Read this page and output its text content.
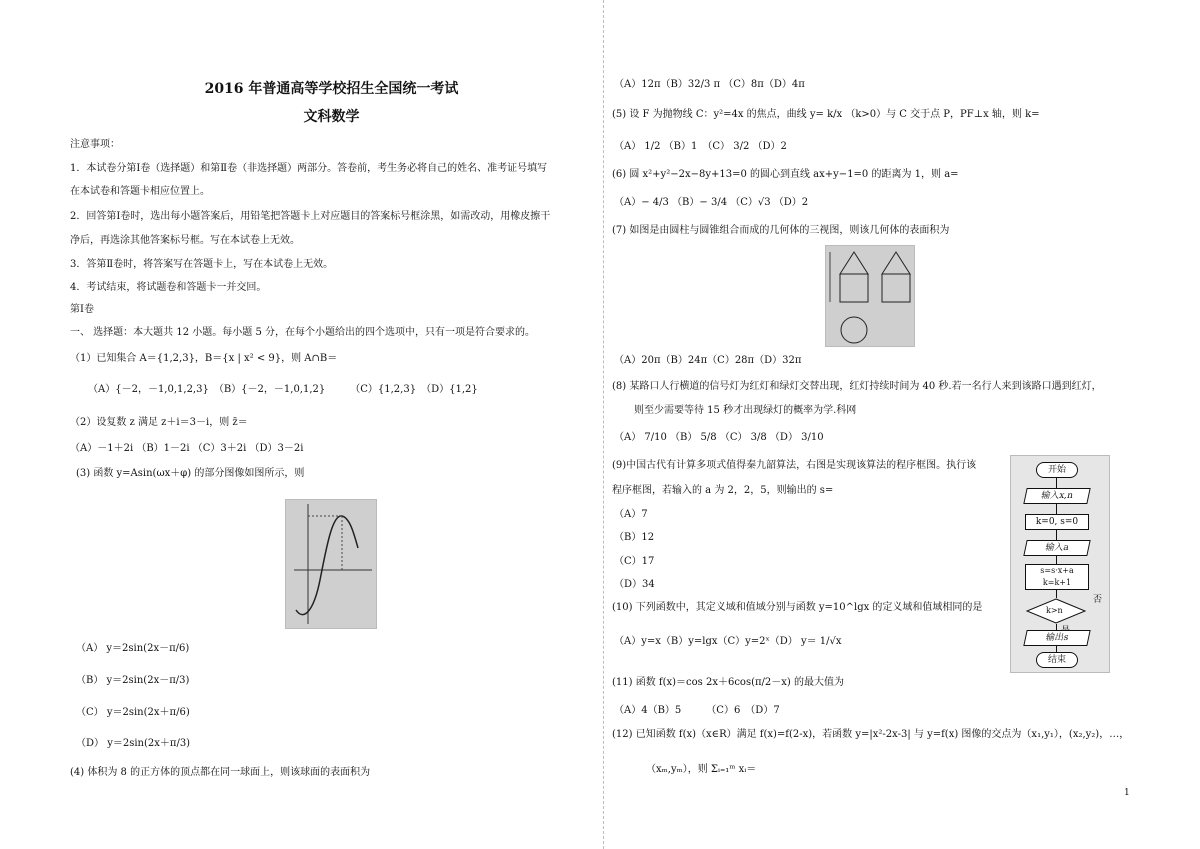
2016 年普通高等学校招生全国统一考试
文科数学
注意事项：
1．本试卷分第Ⅰ卷（选择题）和第Ⅱ卷（非选择题）两部分。答卷前，考生务必将自己的姓名、准考证号填写
在本试卷和答题卡相应位置上。
2．回答第Ⅰ卷时，选出每小题答案后，用铅笔把答题卡上对应题目的答案标号框涂黑，如需改动，用橡皮擦干
净后，再选涂其他答案标号框。写在本试卷上无效。
3．答第Ⅱ卷时，将答案写在答题卡上，写在本试卷上无效。
4．考试结束，将试题卷和答题卡一并交回。
第Ⅰ卷
一、 选择题：本大题共 12 小题。每小题 5 分，在每个小题给出的四个选项中，只有一项是符合要求的。
（1）已知集合 A＝{1,2,3}，B＝{x | x² < 9}，则 A∩B＝
（A）{－2，－1,0,1,2,3}　（B）{－2，－1,0,1,2}　　　（C）{1,2,3}　（D）{1,2}
（2）设复数 z 满足 z＋i＝3－i，则 z̄＝
（A）－1＋2i （B）1－2i （C）3＋2i （D）3－2i
(3) 函数 y=Asin(ωx＋φ) 的部分图像如图所示，则
（A） y＝2sin(2x－π/6)
（B） y＝2sin(2x－π/3)
（C） y＝2sin(2x＋π/6)
（D） y＝2sin(2x＋π/3)
(4) 体积为 8 的正方体的顶点都在同一球面上，则该球面的表面积为
（A）12π（B）32/3 π （C）8π（D）4π
(5) 设 F 为抛物线 C：y²=4x 的焦点，曲线 y= k/x （k>0）与 C 交于点 P，PF⊥x 轴，则 k=
（A） 1/2 （B）1　（C） 3/2 （D）2
(6) 圆 x²+y²−2x−8y+13=0 的圆心到直线 ax+y−1=0 的距离为 1，则 a=
（A）− 4/3 （B）− 3/4 （C）√3 （D）2
(7) 如图是由圆柱与圆锥组合而成的几何体的三视图，则该几何体的表面积为
（A）20π（B）24π（C）28π（D）32π
(8) 某路口人行横道的信号灯为红灯和绿灯交替出现，红灯持续时间为 40 秒.若一名行人来到该路口遇到红灯，
则至少需要等待 15 秒才出现绿灯的概率为学.科网
（A） 7/10 （B） 5/8 （C） 3/8 （D） 3/10
(9)中国古代有计算多项式值得秦九韶算法，右图是实现该算法的程序框图。执行该
程序框图，若输入的 a 为 2，2，5，则输出的 s=
（A）7
（B）12
（C）17
（D）34
开始
输入x,n
k=0, s=0
输入a
s=s·x+a k=k+1
k>n
否
输出s
结束
(10) 下列函数中，其定义域和值域分别与函数 y=10^lgx 的定义域和值域相同的是
（A）y=x（B）y=lgx（C）y=2ˣ（D） y＝ 1/√x
(11) 函数 f(x)＝cos 2x＋6cos(π/2－x) 的最大值为
（A）4（B）5　　　（C）6　（D）7
(12) 已知函数 f(x)（x∈R）满足 f(x)=f(2-x)，若函数 y=|x²-2x-3| 与 y=f(x) 图像的交点为（x₁,y₁），(x₂,y₂)，…，
（xₘ,yₘ），则 Σᵢ₌₁ᵐ xᵢ＝
1
